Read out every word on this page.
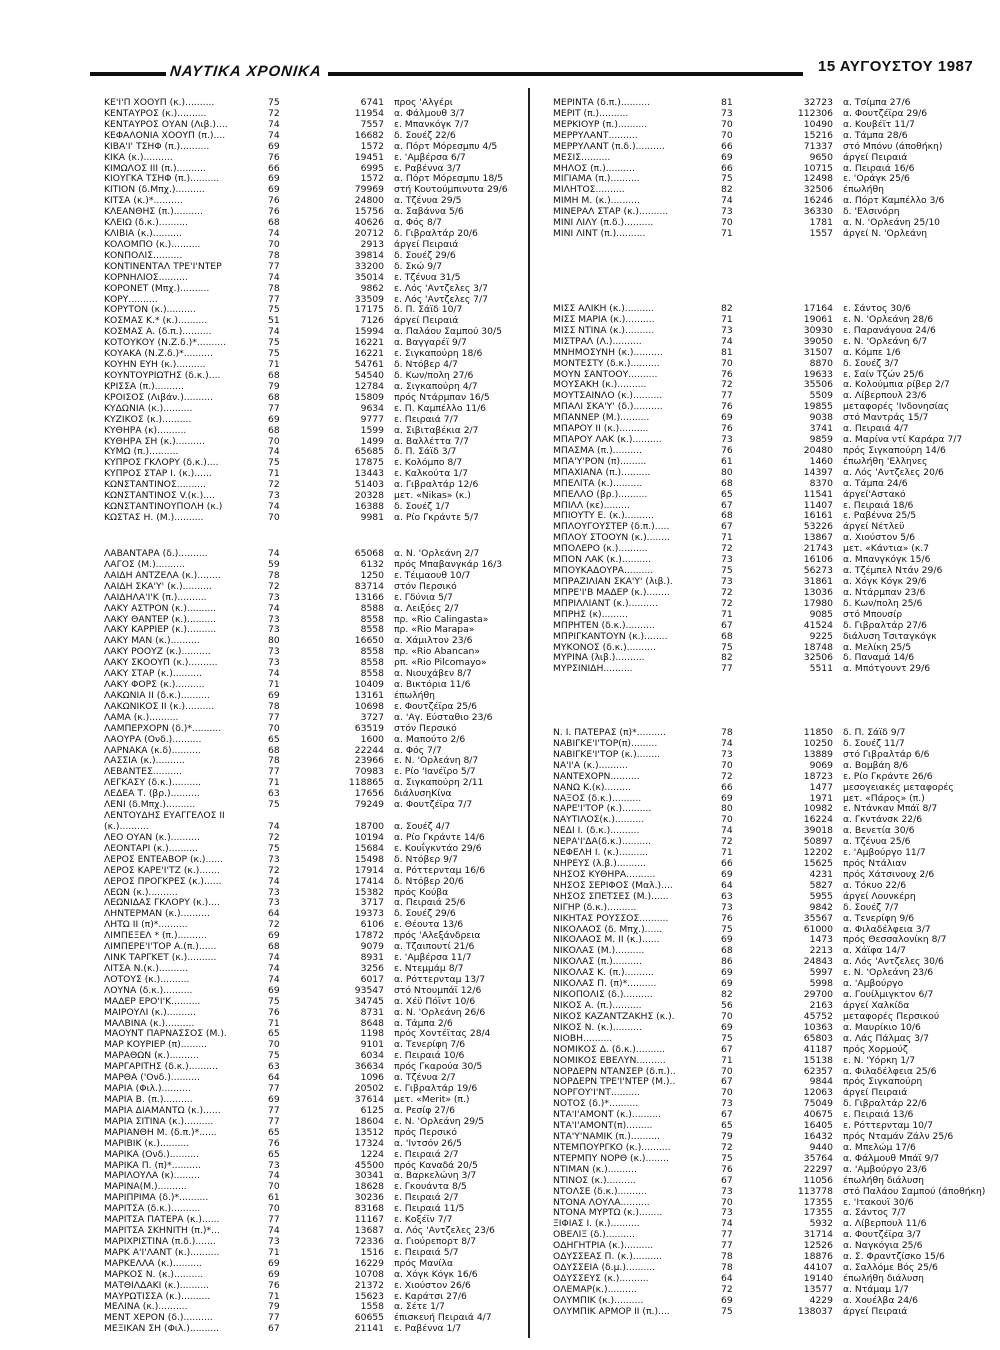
ΝΑΥΤΙΚΑ ΧΡΟΝΙΚΑ	15 ΑΥΓΟΥΣΤΟΥ 1987
ΚΕ'Ι'Π ΧΟΟΥΠ (κ.)..........	75	6741 προς 'Αλγέρι
ΚΕΝΤΑΥΡΟΣ (κ.)..........	72	11954 α. Φάλμουθ 3/7
ΚΕΝΤΑΥΡΟΣ ΟΥΑΝ (Λιβ.)....	74	7557 ε. Μπανκόγκ 7/7
ΚΕΦΑΛΟΝΙΑ ΧΟΟΥΠ (π.)....	74	16682 δ. Σουέζ 22/6
ΚΙΒΑ'Ι' ΤΣΗΦ (π.)..........	69	1572 α. Πόρτ Μόρεσμπυ 4/5
ΚΙΚΑ (κ.)..........	76	19451 ε. 'Αμβέρσα 6/7
ΚΙΜΩΛΟΣ ΙΙΙ (π.)..........	66	6995 ε. Ραβέννα 3/7
ΚΙΟΥΓΚΑ ΤΣΗΦ (π.)..........	69	1572 α. Πόρτ Μόρεσμπυ 18/5
ΚΙΤΙΟΝ (δ.Μπχ.)..........	69	79969 στή Κουτούμπινυτα 29/6
ΚΙΤΣΑ (κ.)*..........	76	24800 α. Τζένυα 29/5
ΚΛΕΑΝΘΗΣ (π.)..........	76	15756 α. Σαβάννα 5/6
ΚΛΕΙΩ (δ.κ.)..........	68	40626 α. Φός 8/7
ΚΛΙΒΙΑ (κ.)..........	74	20712 δ. Γιβραλτάρ 20/6
ΚΟΛΟΜΠΟ (κ.)..........	70	2913 άργεί Πειραιά
ΚΟΝΠΟΛΙΣ..........	78	39814 δ. Σουέζ 29/6
ΚΟΝΤΙΝΕΝΤΑΛ ΤΡΕ'Ι'ΝΤΕΡ	77	33200 δ. Σκώ 9/7
ΚΟΡΝΗΛΙΟΣ..........	74	35014 ε. Τζένυα 31/5
ΚΟΡΟΝΕΤ (Μπχ.)..........	78	9862 ε. Λός 'Αντζελες 3/7
ΚΟΡΥ..........	77	33509 ε. Λός 'Αντζελες 7/7
ΚΟΡΥΤΟΝ (κ.)..........	75	17175 δ. Π. Σάϊδ 10/7
ΚΟΣΜΑΣ Κ.* (κ.)..........	51	7126 άργεί Πειραιά
ΚΟΣΜΑΣ Α. (δ.π.)..........	74	15994 α. Παλάου Σαμπού 30/5
ΚΟΤΟΥΚΟΥ (Ν.Ζ.δ.)*..........	75	16221 α. Βαγγαρέϊ 9/7
ΚΟΥΑΚΑ (Ν.Ζ.δ.)*..........	75	16221 ε. Σιγκαπούρη 18/6
ΚΟΥΗΝ ΕΥΗ (κ.)..........	71	54761 δ. Ντόβερ 4/7
ΚΟΥΝΤΟΥΡΙΩΤΗΣ (δ.κ.)....	68	54540 δ. Κων/πολη 27/6
ΚΡΙΣΣΑ (π.)..........	79	12784 α. Σιγκαπούρη 4/7
ΚΡΟΙΣΟΣ (Λιβάν.)..........	68	15809 πρός Ντάρμπαν 16/5
ΚΥΔΩΝΙΑ (κ.)..........	77	9634 ε. Π. Καμπέλλο 11/6
ΚΥΖΙΚΟΣ (κ.)..........	69	9777 ε. Πειραιά 7/7
ΚΥΘΗΡΑ (κ)..........	68	1599 α. Σιβιταβέκια 2/7
ΚΥΘΗΡΑ ΣΗ (κ.)..........	70	1499 α. Βαλλέττα 7/7
ΚΥΜΩ (π.)..........	74	65685 δ. Π. Σάϊδ 3/7
ΚΥΠΡΟΣ ΓΚΛΟΡΥ (δ.κ.)....	75	17875 ε. Κολόμπο 8/7
ΚΥΠΡΟΣ ΣΤΑΡ Ι. (κ.)......	71	13443 ε. Καλκούτα 1/7
ΚΩΝΣΤΑΝΤΙΝΟΣ..........	72	51403 α. Γιβραλτάρ 12/6
ΚΩΝΣΤΑΝΤΙΝΟΣ V.(κ.)....	73	20328 μετ. «Nikas» (κ.)
ΚΩΝΣΤΑΝΤΙΝΟΥΠΟΛΗ (κ.)	74	16388 δ. Σουέζ 1/7
ΚΩΣΤΑΣ Η. (Μ.)..........	70	9981 α. Ρίο Γκράντε 5/7
ΛΑΒΑΝΤΑΡΑ (δ.)..........	74	65068 α. Ν. 'Ορλεάνη 2/7
ΛΑΓΟΣ (Μ.)..........	59	6132 πρός Μπαβανγκάρ 16/3
ΛΑΙΔΗ ΑΝΤΖΕΛΑ (κ.)........	78	1250 ε. Τέιμαουθ 10/7
ΛΑΙΔΗ ΣΚΑ'Υ' (κ.)..........	72	83714 στόν Περσικό
ΛΑΙΔΗΛΑ'Ι'Κ (π.)..........	73	13166 ε. Γδύνια 5/7
ΛΑΚΥ ΑΣΤΡΟΝ (κ.)..........	74	8588 α. Λειξόες 2/7
ΛΑΚΥ ΘΑΝΤΕΡ (κ.)..........	73	8558 πρ. «Rio Calingasta»
ΛΑΚΥ ΚΑΡΡΙΕΡ (κ.)..........	73	8558 πρ. «Rio Marapa»
ΛΑΚΥ ΜΑΝ (κ.)..........	80	16650 α. Χάμιλτον 23/6
ΛΑΚΥ ΡΟΟΥΖ (κ.)..........	73	8558 πρ. «Rio Abancan»
ΛΑΚΥ ΣΚΟΟΥΠ (κ.)..........	73	8558 ρπ. «Rio Pilcomayo»
ΛΑΚΥ ΣΤΑΡ (κ.)..........	74	8558 α. Νιουχάβεν 8/7
ΛΑΚΥ ΦΟΡΣ (κ.)..........	71	10409 α. Βικτόρια 11/6
ΛΑΚΩΝΙΑ ΙΙ (δ.κ.)..........	69	13161 έπωλήθη
ΛΑΚΩΝΙΚΟΣ ΙΙ (κ.)..........	78	10698 ε. Φουτζέϊρα 25/6
ΛΑΜΑ (κ.)..........	77	3727 α. 'Αγ. Εύσταθιο 23/6
ΛΑΜΠΕΡΧΟΡΝ (δ.)*..........	70	63519 στόν Περσικό
ΛΑΟΥΡΑ (Ονδ.)..........	65	1600 α. Μαπούτο 2/6
ΛΑΡΝΑΚΑ (κ.δ)..........	68	22244 α. Φός 7/7
ΛΑΣΣΙΑ (κ.)..........	78	23966 ε. Ν. 'Ορλεάνη 8/7
ΛΕΒΑΝΤΕΣ..........	77	70983 ε. Ρίο 'Ιανέϊρο 5/7
ΛΕΓΚΑΣΥ (δ.κ.)..........	71	118865 α. Σιγκαπούρη 2/11
ΛΕΔΕΑ Τ. (βρ.)..........	63	17656 διάλυσηΚίνα
ΛΕΝΙ (δ.Μπχ.)..........	75	79249 α. Φουτζέϊρα 7/7
ΛΕΝΤΟΥΔΗΣ ΕΥΑΓΓΕΛΟΣ ΙΙ
(κ.)..........	74	18700 α. Σουέζ 4/7
ΛΕΟ ΟΥΑΝ (κ.)..........	72	10194 α. Ρίο Γκράντε 14/6
ΛΕΟΝΤΑΡΙ (κ.)..........	75	15684 ε. Κουΐγκντάο 29/6
ΛΕΡΟΣ ΕΝΤΕΑΒΟΡ (κ.)......	73	15498 δ. Ντόβερ 9/7
ΛΕΡΟΣ ΚΑΡΕ'Ι'ΤΖ (κ.).......	72	17914 α. Ρόττερνταμ 16/6
ΛΕΡΟΣ ΠΡΟΓΚΡΕΣ (κ.)......	74	17414 δ. Ντόβερ 20/6
ΛΕΩΝ (κ.)..........	73	15382 πρός Κούβα
ΛΕΩΝΙΔΑΣ ΓΚΛΟΡΥ (κ.)....	73	3717 α. Πειραιά 25/6
ΛΗΝΤΕΡΜΑΝ (κ.)..........	64	19373 δ. Σουέζ 29/6
ΛΗΤΩ ΙΙ (π)*..........	72	6106 ε. Θέουτα 13/6
ΛΙΜΠΕΞΕΛ * (π.)..........	69	17872 πρός 'Αλεξάνδρεια
ΛΙΜΠΕΡΕ'Ι'ΤΟΡ Α.(π.)......	68	9079 α. Τζαιπουτί 21/6
ΛΙΝΚ ΤΑΡΓΚΕΤ (κ.)..........	74	8931 ε. 'Αμβέρσα 11/7
ΛΙΤΣΑ Ν.(κ.)..........	74	3256 ε. Ντεμμάμ 8/7
ΛΟΤΟΥΣ (κ.)..........	74	6017 α. Ρόττερνταμ 13/7
ΛΟΥΝΑ (δ.κ.)..........	69	93547 στό Ντουμπάϊ 12/6
ΜΑΔΕΡ ΕΡΟ'Ι'Κ..........	75	34745 α. Χέϋ Πόϊντ 10/6
ΜΑΙΡΟΥΛΙ (κ.)..........	76	8731 α. Ν. 'Ορλεάνη 26/6
ΜΑΛΒΙΝΑ (κ.)..........	71	8648 α. Τάμπα 2/6
ΜΑΟΥΝΤ ΠΑΡΝΑΣΣΟΣ (Μ.).	65	1198 πρός Χοντέϊτας 28/4
ΜΑΡ ΚΟΥΡΙΕΡ (π).........	70	9101 α. Τενερίφη 7/6
ΜΑΡΑΘΩΝ (κ.)..........	75	6034 ε. Πειραιά 10/6
ΜΑΡΓΑΡΙΤΗΣ (δ.κ.)..........	63	36634 πρός Γκαρούα 30/5
ΜΑΡΘΑ ('Ονδ.)..........	64	1096 α. Τζένυα 2/7
ΜΑΡΙΑ (Φιλ.)..........	77	20502 ε. Γιβραλτάρ 19/6
ΜΑΡΙΑ Β. (π.)..........	69	37614 μετ. «Merit» (π.)
ΜΑΡΙΑ ΔΙΑΜΑΝΤΩ (κ.)......	77	6125 α. Ρεσίφ 27/6
ΜΑΡΙΑ ΣΙΤΙΝΑ (κ.)..........	77	18604 ε. Ν. 'Ορλεάνη 29/5
ΜΑΡΙΑΝΘΗ Μ. (δ.π.)*......	65	13512 πρός Περσικό
ΜΑΡΙΒΙΚ (κ.)..........	76	17324 α. 'Ιντσόν 26/5
ΜΑΡΙΚΑ (Ονδ.)..........	65	1224 ε. Πειραιά 2/7
ΜΑΡΙΚΑ Π. (π)*..........	73	45500 πρός Καναδά 20/5
ΜΑΡΙΛΟΥΛΑ (κ).........	74	30341 α. Βαρκελώνη 3/7
ΜΑΡΙΝΑ(Μ.)..........	70	18628 ε. Γκουάντα 8/5
ΜΑΡΙΠΡΙΜΑ (δ.)*..........	61	30236 ε. Πειραιά 2/7
ΜΑΡΙΤΣΑ (δ.κ.)..........	70	83168 ε. Πειραιά 11/5
ΜΑΡΙΤΣΑ ΠΑΤΕΡΑ (κ.)......	77	11167 ε. Κοξέϊν 7/7
ΜΑΡΙΤΣΑ ΣΚΗΝΙΤΗ (π.)*...	74	13687 α. Λός 'Αντζελες 23/6
ΜΑΡΙΧΡΙΣΤΙΝΑ (π.δ.).......	73	72336 α. Γιούρεπορτ 8/7
ΜΑΡΚ Α'Ι'ΛΑΝΤ (κ.)..........	71	1516 ε. Πειραιά 5/7
ΜΑΡΚΕΛΛΑ (κ.)..........	69	16229 πρός Μανίλα
ΜΑΡΚΟΣ Ν. (κ.)..........	69	10708 α. Χόγκ Κόγκ 16/6
ΜΑΤΘΙΛΔΑΚΙ (κ.)..........	76	21372 ε. Χιούστον 26/6
ΜΑΥΡΩΤΙΣΣΑ (κ.)..........	71	15623 ε. Καράτσι 27/6
ΜΕΛΙΝΑ (κ.)..........	79	1558 α. Σέτε 1/7
ΜΕΝΤ ΧΕΡΟΝ (δ.)..........	77	60655 έπισκευή Πειραιά 4/7
ΜΕΞΙΚΑΝ ΣΗ (Φιλ.)..........	67	21141 ε. Ραβέννα 1/7
ΜΕΡΙΝΤΑ (δ.π.)..........	81	32723 α. Τσίμπα 27/6
ΜΕΡΙΤ (π.)..........	73	112306 α. Φουτζέϊρα 29/6
ΜΕΡΚΙΟΥΡ (π.)..........	70	10490 α. Κουβέϊτ 11/7
ΜΕΡΡΥΛΑΝΤ..........	70	15216 α. Τάμπα 28/6
ΜΕΡΡΥΛΑΝΤ (π.δ.)..........	66	71337 στό Μπόνυ (άποθήκη)
ΜΕΣΙΣ..........	69	9650 άργεί Πειραιά
ΜΗΛΟΣ (π.)..........	66	10715 α. Πειραιά 16/6
ΜΙΓΙΑΜΑ (π.)..........	75	12498 ε. 'Οράγκ 25/6
ΜΙΛΗΤΟΣ..........	82	32506 έπωλήθη
ΜΙΜΗ Μ. (κ.)..........	74	16246 α. Πόρτ Καμπέλλο 3/6
ΜΙΝΕΡΑΛ ΣΤΑΡ (κ.)..........	73	36330 δ. 'Ελσινόρη
ΜΙΝΙ ΛΙΛΥ (π.δ.)..........	70	1781 α. Ν. 'Ορλεάνη 25/10
ΜΙΝΙ ΛΙΝΤ (π.)..........	71	1557 άργεί Ν. 'Ορλεάνη
ΜΙΣΣ ΑΛΙΚΗ (κ.)..........	82	17164 ε. Σάντος 30/6
ΜΙΣΣ ΜΑΡΙΑ (κ.)..........	71	19061 ε. Ν. 'Ορλεάνη 28/6
ΜΙΣΣ ΝΤΙΝΑ (κ.)..........	73	30930 ε. Παρανάγουα 24/6
ΜΙΣΤΡΑΛ (Λ.)..........	74	39050 ε. Ν. 'Ορλεάνη 6/7
ΜΝΗΜΟΣΥΝΗ (κ.)..........	81	31507 α. Κόμπε 1/6
ΜΟΝΤΕΣΤΥ (δ.κ.)..........	70	8870 δ. Σουέζ 3/7
ΜΟΥΝ ΣΑΝΤΟΟΥ..........	76	19633 ε. Σαίν Τζών 25/6
ΜΟΥΣΑΚΗ (κ.)..........	72	35506 α. Κολούμπια ρίβερ 2/7
ΜΟΥΤΣΑΙΝΛΟ (κ.)..........	77	5509 α. Λίβερπουλ 23/6
ΜΠΑΛΙ ΣΚΑ'Υ' (δ.)..........	76	19855 μεταφορές 'Ινδονησίας
ΜΠΑΝΝΕΡ (Μ.)..........	69	9038 στό Μαντράς 15/7
ΜΠΑΡΟΥ ΙΙ (κ.)..........	76	3741 α. Πειραιά 4/7
ΜΠΑΡΟΥ ΛΑΚ (κ.)..........	73	9859 α. Μαρίνα ντί Καράρα 7/7
ΜΠΑΣΜΑ (π.)..........	76	20480 πρός Σιγκαπούρη 14/6
ΜΠΑ'Υ'ΡΟΝ (π).........	61	1460 έπωλήθη 'Ελληνες
ΜΠΑΧΙΑΝΑ (π.)..........	80	14397 α. Λός 'Αντζελες 20/6
ΜΠΕΛΙΤΑ (κ.)..........	68	8370 α. Τάμπα 24/6
ΜΠΕΛΛΟ (βρ.)..........	65	11541 άργεί'Αστακό
ΜΠΙΛΛ (κε).........	67	11407 ε. Πειραιά 18/6
ΜΠΙΟΥΤΥ Ε. (κ.)..........	68	16161 ε. Ραβέννα 25/5
ΜΠΛΟΥΓΟΥΣΤΕΡ (δ.π.).....	67	53226 άργεί Νέτλεϋ
ΜΠΛΟΥ ΣΤΟΟΥΝ (κ.)........	71	13867 α. Χιούστον 5/6
ΜΠΟΛΕΡΟ (κ.)..........	72	21743 μετ. «Κάντια» (κ.7
ΜΠΟΝ ΛΑΚ (κ.)..........	73	16106 α. Μπανγκόγκ 15/6
ΜΠΟΥΚΑΔΟΥΡΑ..........	75	56273 α. Τζέμπελ Ντάν 29/6
ΜΠΡΑΖΙΛΙΑΝ ΣΚΑ'Υ' (λιβ.).	73	31861 α. Χόγκ Κόγκ 29/6
ΜΠΡΕ'Ι'Β ΜΑΔΕΡ (κ.)........	72	13036 α. Ντάρμπαν 23/6
ΜΠΡΙΛΛΙΑΝΤ (κ.)..........	72	17980 δ. Κων/πολη 25/6
ΜΠΡΗΣ (κ).........	71	9085 στό Μπουσίρ
ΜΠΡΗΤΕΝ (δ.κ.)..........	67	41524 δ. Γιβραλτάρ 27/6
ΜΠΡΙΓΚΑΝΤΟΥΝ (κ.)........	68	9225 διάλυση Τσιταγκόγκ
ΜΥΚΟΝΟΣ (δ.κ.)..........	75	18748 α. Μελίκη 25/5
ΜΥΡΙΝΑ (λιβ.)..........	82	32506 δ. Παναμά 14/6
ΜΥΡΣΙΝΙΔΗ..........	77	5511 α. Μπότγουντ 29/6
Ν. Ι. ΠΑΤΕΡΑΣ (π)*..........	78	11850 δ. Π. Σάϊδ 9/7
ΝΑΒΙΓΚΕ'Ι'ΤΟΡ(π).........	74	10250 δ. Σουέζ 11/7
ΝΑΒΙΓΚΕ'Ι'ΤΟΡ (κ.)........	73	13889 στό Γιβραλτάρ 6/6
ΝΑ'Ι'Α (κ.)..........	70	9069 α. Βομβάη 8/6
ΝΑΝΤΕΧΟΡΝ..........	72	18723 ε. Ρίο Γκράντε 26/6
ΝΑΝΩ Κ.(κ).........	66	1477 μεσογειακές μεταφορές
ΝΑΞΟΣ (δ.κ.)..........	69	1971 μετ. «Πάρος» (π.)
ΝΑΡΕ'Ι'ΤΟΡ (κ.)..........	80	10982 ε. Ντάνκαν Μπάϊ 8/7
ΝΑΥΤΙΛΟΣ(κ.)..........	70	16224 α. Γκντάνσκ 22/6
ΝΕΔΙ Ι. (δ.κ.)..........	74	39018 α. Βενετία 30/6
ΝΕΡΑ'Ι'ΔΑ(δ.κ.)..........	72	50897 α. Τζένυα 25/6
ΝΕΦΕΛΗ Ι. (κ.)..........	71	12202 ε. 'Αμβούργο 11/7
ΝΗΡΕΥΣ (λ.β.)..........	66	15625 πρός Ντάλιαν
ΝΗΣΟΣ ΚΥΘΗΡΑ..........	69	4231 πρός Χάτσινουχ 2/6
ΝΗΣΟΣ ΣΕΡΙΦΟΣ (Μαλ.)....	64	5827 α. Τόκυο 22/6
ΝΗΣΟΣ ΣΠΕΤΣΕΣ (Μ.)......	63	5955 άργεί Λουνκέρη
ΝΙΓΗΡ (δ.κ.)..........	73	9842 δ. Σουέζ 7/7
ΝΙΚΗΤΑΣ ΡΟΥΣΣΟΣ..........	76	35567 α. Τενερίφη 9/6
ΝΙΚΟΛΑΟΣ (δ. Μπχ.)......	75	61000 α. Φιλαδέλφεια 3/7
ΝΙΚΟΛΑΟΣ Μ. ΙΙ (κ.)......	69	1473 πρός Θεσσαλονίκη 8/7
ΝΙΚΟΛΑΣ (Μ.)..........	68	2213 α. Χάϊφα 14/7
ΝΙΚΟΛΑΣ (π.)..........	86	24843 α. Λός 'Αντζελες 30/6
ΝΙΚΟΛΑΣ Κ. (π.)..........	69	5997 ε. Ν. 'Ορλεάνη 23/6
ΝΙΚΟΛΑΣ Π. (π)*..........	69	5998 α. 'Αμβούργο
ΝΙΚΟΠΟΛΙΣ (δ.)..........	82	29700 α. Γουίλμιγκτον 6/7
ΝΙΚΟΣ Α. (π.)..........	56	2163 άργεί Χαλκίδα
ΝΙΚΟΣ ΚΑΖΑΝΤΖΑΚΗΣ (κ.).	70	45752 μεταφορές Περσικού
ΝΙΚΟΣ Ν. (κ.)..........	69	10363 α. Μαυρίκιο 10/6
ΝΙΟΒΗ..........	75	65803 α. Λάς Πάλμας 3/7
ΝΟΜΙΚΟΣ Δ. (δ.κ.)..........	67	41187 πρός Χορμούζ
ΝΟΜΙΚΟΣ ΕΒΕΛΥΝ..........	71	15138 ε. Ν. 'Υόρκη 1/7
ΝΟΡΔΕΡΝ ΝΤΑΝΣΕΡ (δ.π.)..	70	62357 α. Φιλαδέλφεια 25/6
ΝΟΡΔΕΡΝ ΤΡΕ'Ι'ΝΤΕΡ (Μ.)..	67	9844 πρός Σιγκαπούρη
ΝΟΡΓΟΥ'Ι'ΝΤ..........	70	12063 άργεί Πειραιά
ΝΟΤΟΣ (δ.)*..........	73	75049 δ. Γιβραλτάρ 22/6
ΝΤΑ'Ι'ΑΜΟΝΤ (κ.)..........	67	40675 ε. Πειραιά 13/6
ΝΤΑ'Ι'ΑΜΟΝΤ(π).........	65	16405 ε. Ρόττερνταμ 10/7
ΝΤΑ'Υ'ΝΑΜΙΚ (π.)..........	79	16432 πρός Νταμάν Ζάλν 25/6
ΝΤΕΜΠΟΥΡΓΚΟ (κ.)..........	72	9440 α. Μπελώμ 17/6
ΝΤΕΡΜΠΥ ΝΟΡΘ (κ.)........	75	35764 α. Φάλμουθ Μπάϊ 9/7
ΝΤΙΜΑΝ (κ.)..........	76	22297 α. 'Αμβούργο 23/6
ΝΤΙΝΟΣ (κ.)..........	67	11056 έπωλήθη διάλυση
ΝΤΟΛΣΕ (δ.κ.)..........	73	113778 στό Παλάου Σαμπού (άποθήκη)
ΝΤΟΝΑ ΛΟΥΛΑ..........	70	17355 ε. 'Ιτακουϊ 30/6
ΝΤΟΝΑ ΜΥΡΤΩ (κ.)........	73	17355 α. Σάντος 7/7
ΞΙΦΙΑΣ Ι. (κ.)..........	74	5932 α. Λίβερπουλ 11/6
ΟΒΕΛΙΞ (δ.)..........	77	31714 α. Φουτζέϊρα 3/7
ΟΔΗΓΗΤΡΙΑ (κ.)..........	77	12526 α. Ναγκόγια 25/6
ΟΔΥΣΣΕΑΣ Π. (κ.)..........	78	18876 α. Σ. Φραντζίσκο 15/6
ΟΔΥΣΣΕΙΑ (δ.μ.)..........	78	44107 α. Σαλλόμε Βός 25/6
ΟΔΥΣΣΕΥΣ (κ.)..........	64	19140 έπωλήθη διάλυση
ΟΛΕΜΑΡ(κ.)..........	72	13577 α. Ντάμαμ 1/7
ΟΛΥΜΠΙΚ (κ.)..........	69	4229 α. Χουέλβα 24/6
ΟΛΥΜΠΙΚ ΑΡΜΟΡ ΙΙ (π.)....	75	138037 άργεί Πειραιά
